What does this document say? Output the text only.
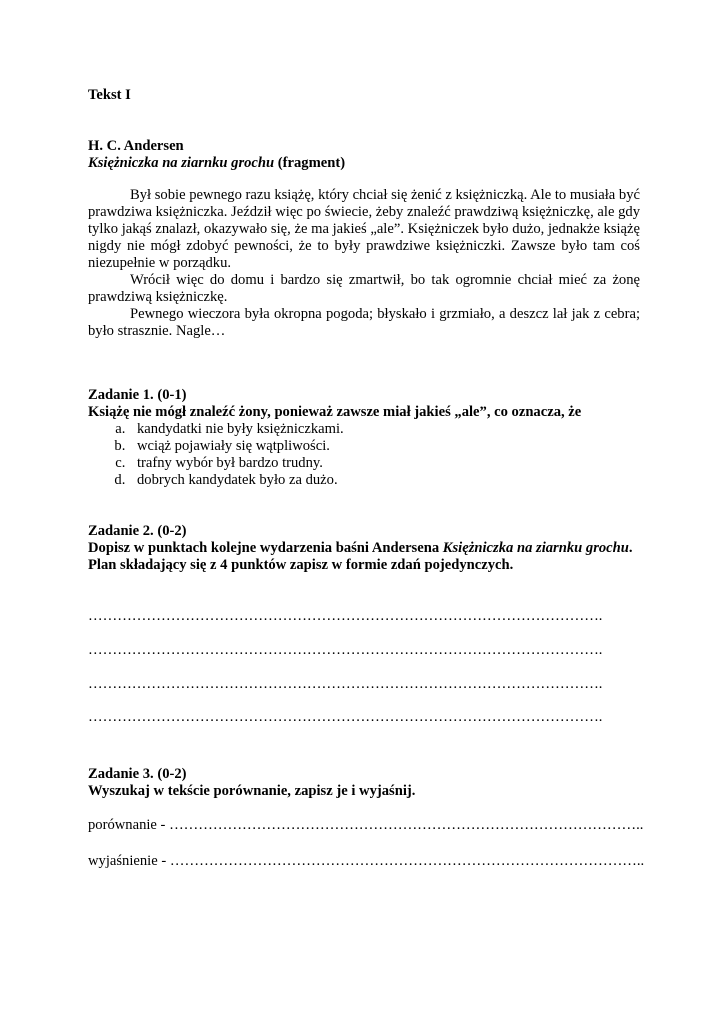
Tekst I
H. C. Andersen
Księżniczka na ziarnku grochu (fragment)

Był sobie pewnego razu książę, który chciał się żenić z księżniczką. Ale to musiała być prawdziwa księżniczka. Jeździł więc po świecie, żeby znaleźć prawdziwą księżniczkę, ale gdy tylko jakąś znalazł, okazywało się, że ma jakieś „ale”. Księżniczek było dużo, jednakże książę nigdy nie mógł zdobyć pewności, że to były prawdziwe księżniczki. Zawsze było tam coś niezupełnie w porządku.

Wrócił więc do domu i bardzo się zmartwił, bo tak ogromnie chciał mieć za żonę prawdziwą księżniczkę.

Pewnego wieczora była okropna pogoda; błyskało i grzmiało, a deszcz lał jak z cebra; było strasznie. Nagle…

Zadanie 1. (0-1)
Książę nie mógł znaleźć żony, ponieważ zawsze miał jakieś „ale”, co oznacza, że
a. kandydatki nie były księżniczkami.
b. wciąż pojawiały się wątpliwości.
c. trafny wybór był bardzo trudny.
d. dobrych kandydatek było za dużo.
Zadanie 2. (0-2)
Dopisz w punktach kolejne wydarzenia baśni Andersena Księżniczka na ziarnku grochu.
Plan składający się z 4 punktów zapisz w formie zdań pojedynczych.
…………………………………………………………………………………………….
…………………………………………………………………………………………….
…………………………………………………………………………………………….
…………………………………………………………………………………………….
Zadanie 3. (0-2)
Wyszukaj w tekście porównanie, zapisz je i wyjaśnij.
porównanie - ……………………………………………………………………………………..
wyjaśnienie - ……………………………………………………………………………………..
